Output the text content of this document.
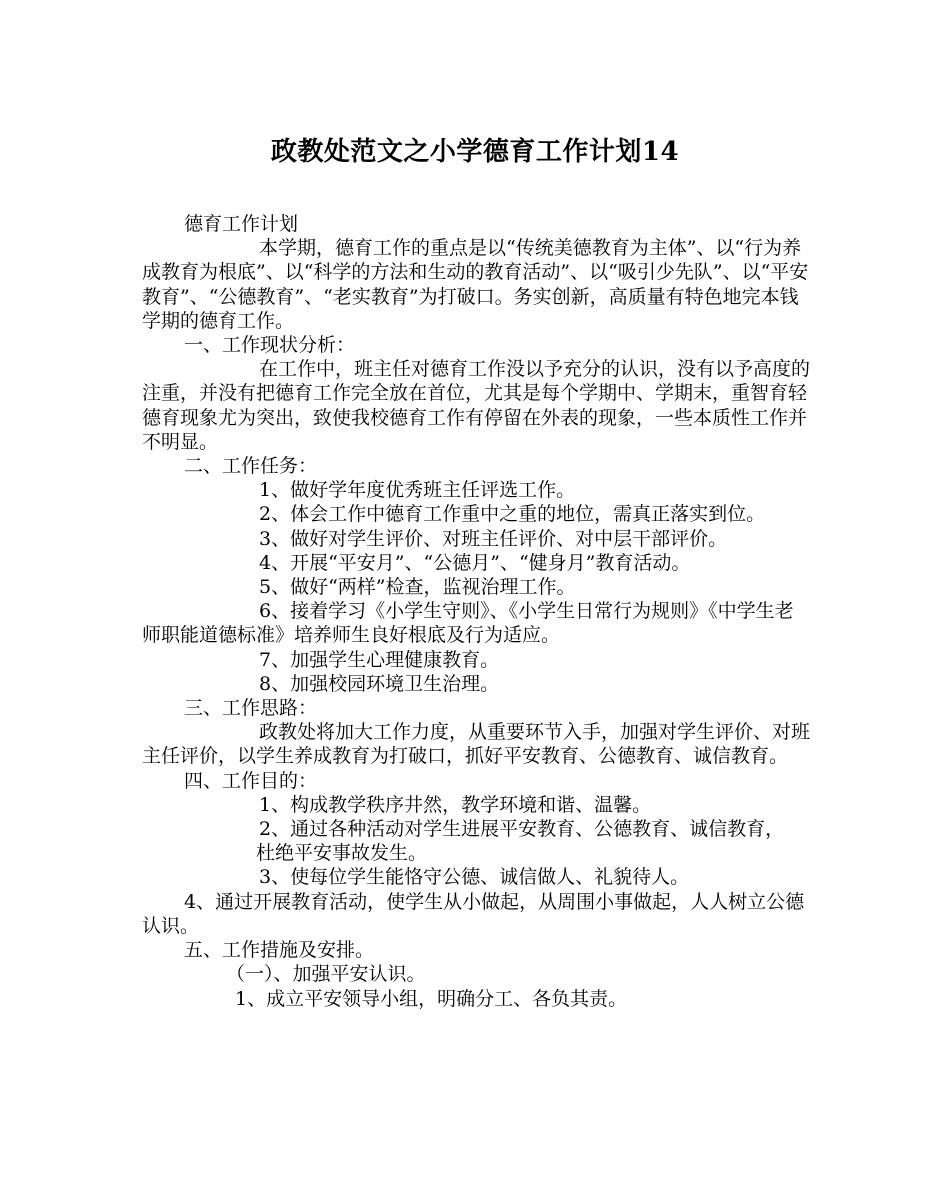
政教处范文之小学德育工作计划14

德育工作计划

本学期，德育工作的重点是以“传统美德教育为主体”、以“行为养成教育为根底”、以“科学的方法和生动的教育活动”、以“吸引少先队”、以“平安教育”、“公德教育”、“老实教育”为打破口。务实创新，高质量有特色地完本钱学期的德育工作。

一、工作现状分析：

在工作中，班主任对德育工作没以予充分的认识，没有以予高度的注重，并没有把德育工作完全放在首位，尤其是每个学期中、学期末，重智育轻德育现象尤为突出，致使我校德育工作有停留在外表的现象，一些本质性工作并不明显。

二、工作任务：

1、做好学年度优秀班主任评选工作。

2、体会工作中德育工作重中之重的地位，需真正落实到位。

3、做好对学生评价、对班主任评价、对中层干部评价。

4、开展“平安月”、“公德月”、“健身月”教育活动。

5、做好“两样”检查，监视治理工作。

6、接着学习《小学生守则》、《小学生日常行为规则》《中学生老师职能道德标准》培养师生良好根底及行为适应。

7、加强学生心理健康教育。

8、加强校园环境卫生治理。

三、工作思路：

政教处将加大工作力度，从重要环节入手，加强对学生评价、对班主任评价，以学生养成教育为打破口，抓好平安教育、公德教育、诚信教育。

四、工作目的：

1、构成教学秩序井然，教学环境和谐、温馨。

2、通过各种活动对学生进展平安教育、公德教育、诚信教育，杜绝平安事故发生。

3、使每位学生能恪守公德、诚信做人、礼貌待人。

4、通过开展教育活动，使学生从小做起，从周围小事做起，人人树立公德认识。

五、工作措施及安排。

（一）、加强平安认识。

1、成立平安领导小组，明确分工、各负其责。
